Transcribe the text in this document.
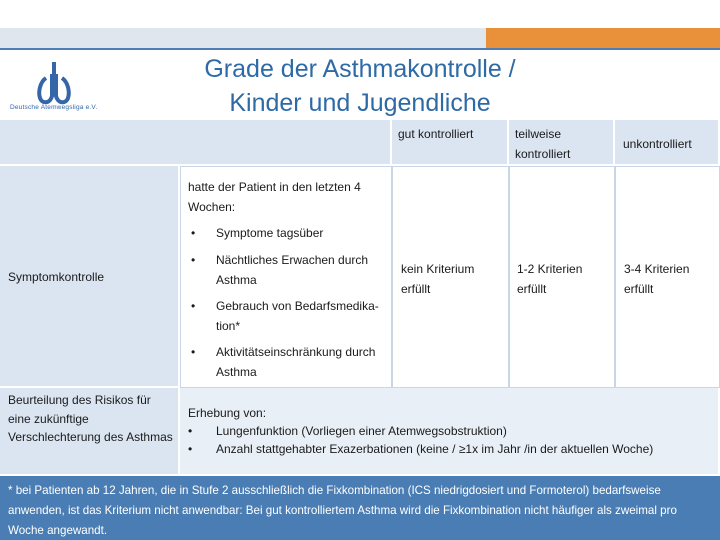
Deutsche Atemwegsliga e.V.
Grade der Asthmakontrolle /
Kinder und Jugendliche
gut kontrolliert	teilweise kontrolliert
unkontrolliert
Symptomkontrolle
hatte der Patient in den letzten 4 Wochen:
• Symptome tagsüber
• Nächtliches Erwachen durch Asthma
• Gebrauch von Bedarfsmedika-tion*
• Aktivitätseinschränkung durch Asthma
kein Kriterium erfüllt
1-2 Kriterien erfüllt
3-4 Kriterien erfüllt
Beurteilung des Risikos für eine zukünftige Verschlechterung des Asthmas
Erhebung von:
• Lungenfunktion (Vorliegen einer Atemwegsobstruktion)
• Anzahl stattgehabter Exazerbationen (keine / ≥1x im Jahr /in der aktuellen Woche)
* bei Patienten ab 12 Jahren, die in Stufe 2 ausschließlich die Fixkombination (ICS niedrigdosiert und Formoterol) bedarfsweise anwenden, ist das Kriterium nicht anwendbar: Bei gut kontrolliertem Asthma wird die Fixkombination nicht häufiger als zweimal pro Woche angewandt.
